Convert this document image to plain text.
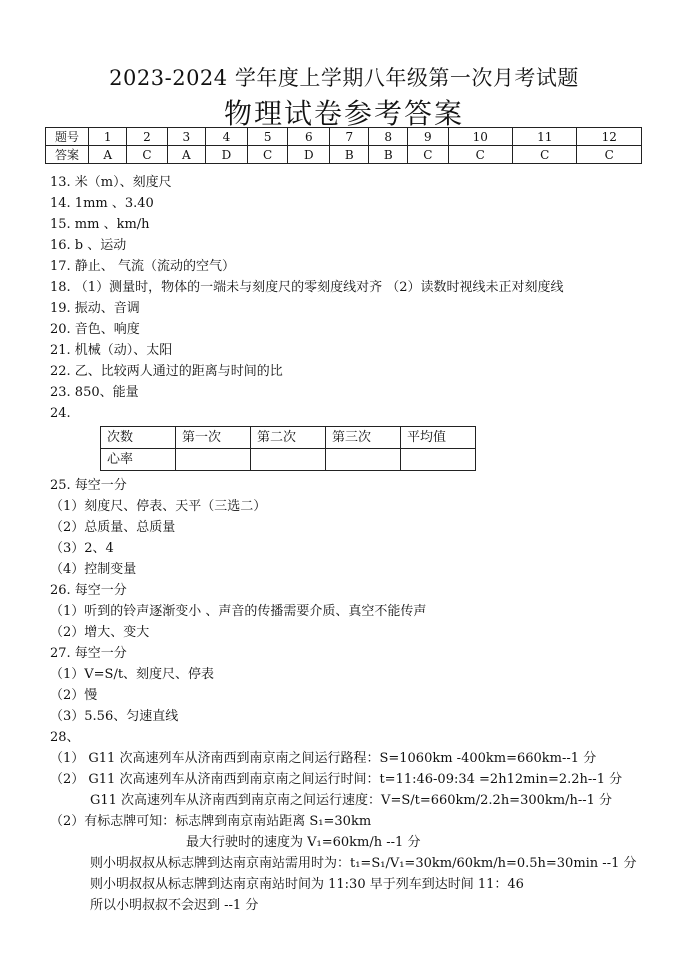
2023-2024 学年度上学期八年级第一次月考试题
物理试卷参考答案
题号	1	2	3	4	5	6	7	8	9	10	11	12
答案	A	C	A	D	C	D	B	B	C	C	C	C
13. 米（m）、刻度尺
14. 1mm 、3.40
15. mm 、km/h
16. b 、运动
17. 静止、 气流（流动的空气）
18. （1）测量时，物体的一端未与刻度尺的零刻度线对齐 （2）读数时视线未正对刻度线
19. 振动、音调
20. 音色、响度
21. 机械（动）、太阳
22. 乙、比较两人通过的距离与时间的比
23. 850、能量
24.
次数	第一次	第二次	第三次	平均值
心率				
25. 每空一分
（1）刻度尺、停表、天平（三选二）
（2）总质量、总质量
（3）2、4
（4）控制变量
26. 每空一分
（1）听到的铃声逐渐变小 、声音的传播需要介质、真空不能传声
（2）增大、变大
27. 每空一分
（1）V=S/t、刻度尺、停表
（2）慢
（3）5.56、匀速直线
28、
（1） G11 次高速列车从济南西到南京南之间运行路程：S=1060km -400km=660km--1 分
（2） G11 次高速列车从济南西到南京南之间运行时间：t=11:46-09:34 =2h12min=2.2h--1 分
G11 次高速列车从济南西到南京南之间运行速度：V=S/t=660km/2.2h=300km/h--1 分
（2）有标志牌可知：标志牌到南京南站距离 S₁=30km
最大行驶时的速度为 V₁=60km/h --1 分
则小明叔叔从标志牌到达南京南站需用时为：t₁=S₁/V₁=30km/60km/h=0.5h=30min --1 分
则小明叔叔从标志牌到达南京南站时间为 11:30 早于列车到达时间 11：46
所以小明叔叔不会迟到 --1 分
